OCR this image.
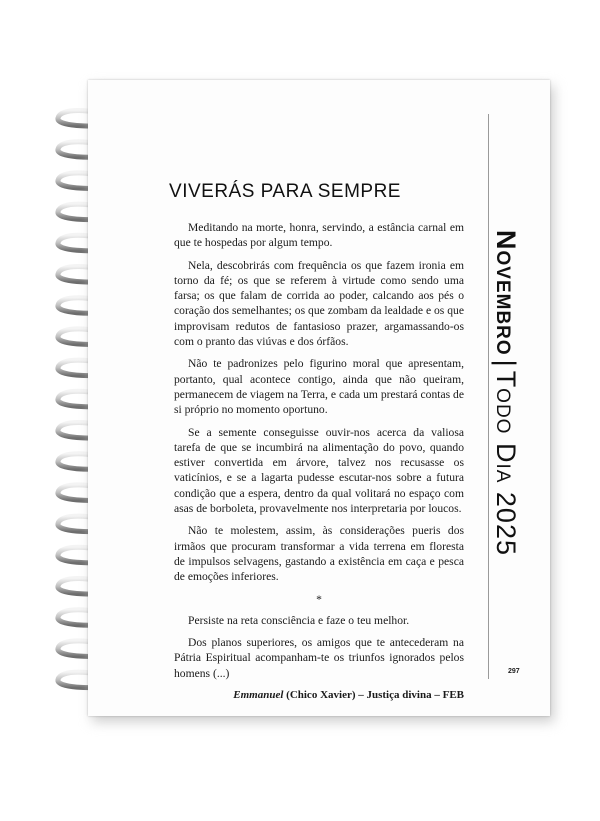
VIVERÁS PARA SEMPRE

Meditando na morte, honra, servindo, a estância carnal em que te hospedas por algum tempo.

Nela, descobrirás com frequência os que fazem ironia em torno da fé; os que se referem à virtude como sendo uma farsa; os que falam de corrida ao poder, calcando aos pés o coração dos semelhantes; os que zombam da lealdade e os que improvisam redutos de fantasioso prazer, argamassando-os com o pranto das viúvas e dos órfãos.

Não te padronizes pelo figurino moral que apresentam, portanto, qual acontece contigo, ainda que não queiram, permanecem de viagem na Terra, e cada um prestará contas de si próprio no momento oportuno.

Se a semente conseguisse ouvir-nos acerca da valiosa tarefa de que se incumbirá na alimentação do povo, quando estiver convertida em árvore, talvez nos recusasse os vaticínios, e se a lagarta pudesse escutar-nos sobre a futura condição que a espera, dentro da qual volitará no espaço com asas de borboleta, provavelmente nos interpretaria por loucos.

Não te molestem, assim, às considerações pueris dos irmãos que procuram transformar a vida terrena em floresta de impulsos selvagens, gastando a existência em caça e pesca de emoções inferiores.

*

Persiste na reta consciência e faze o teu melhor.

Dos planos superiores, os amigos que te antecederam na Pátria Espiritual acompanham-te os triunfos ignorados pelos homens (...)

Emmanuel (Chico Xavier) – Justiça divina – FEB
Novembro|Todo Dia 2025
297
